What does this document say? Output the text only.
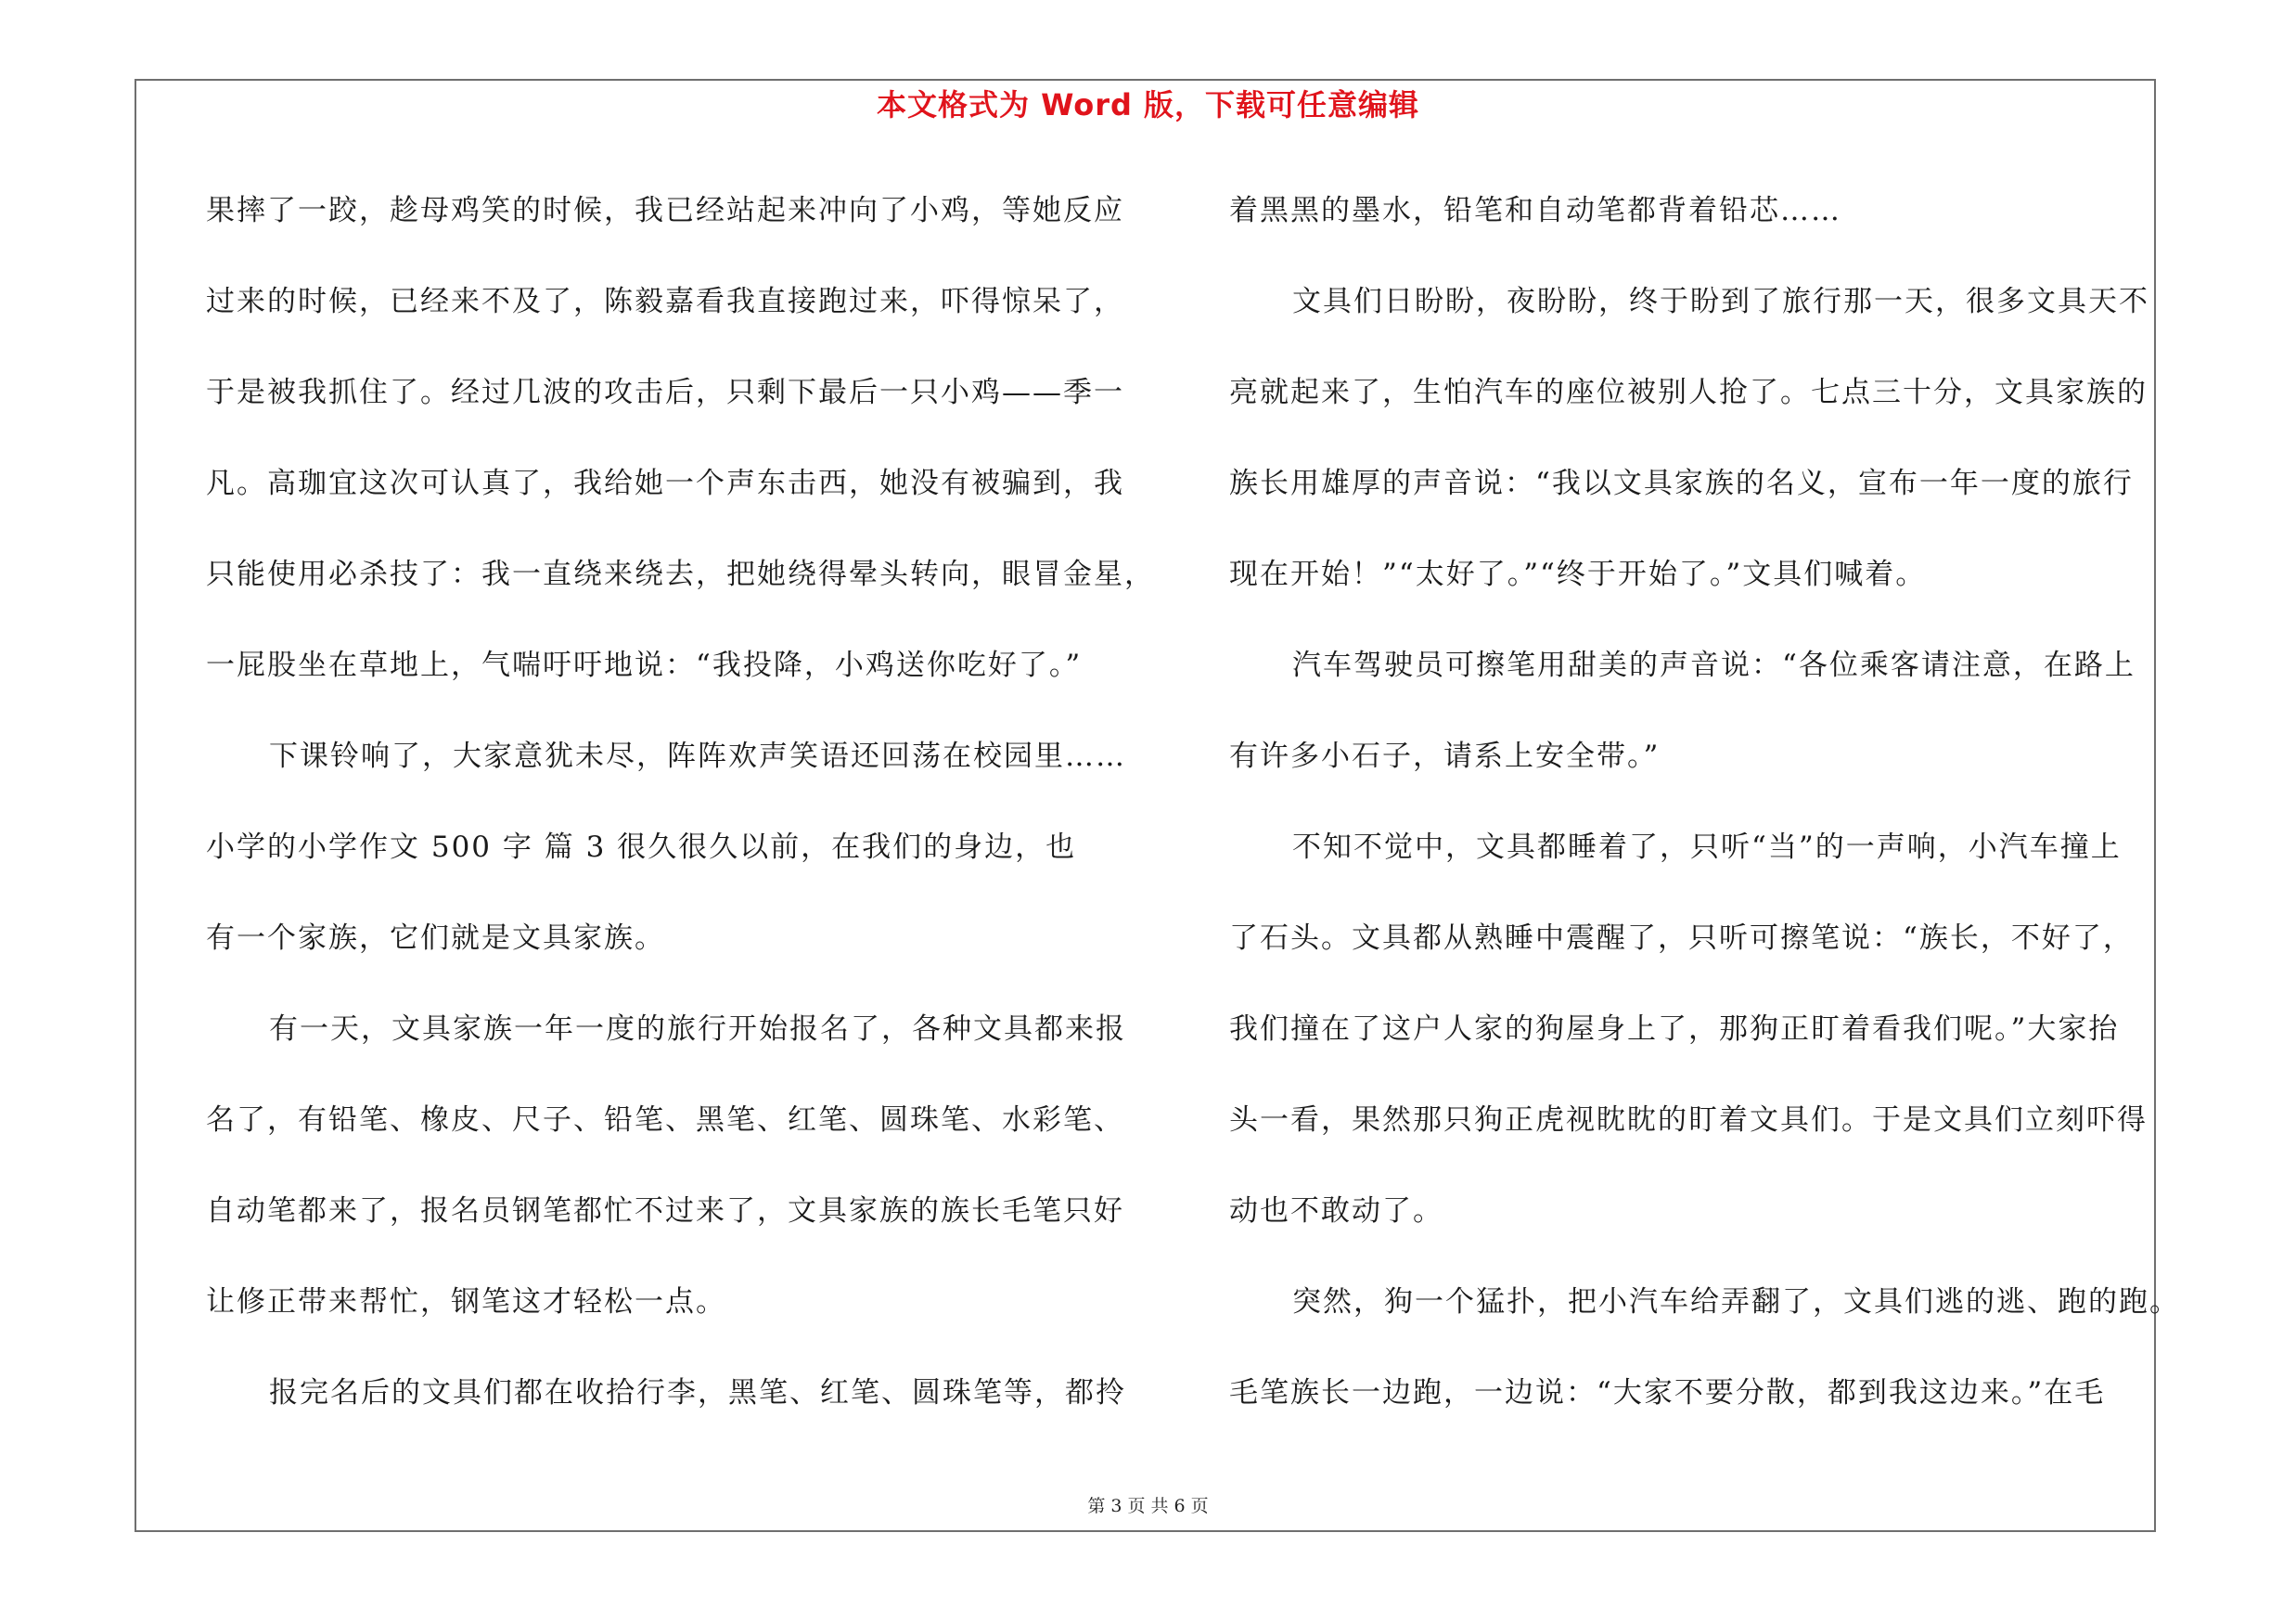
本文格式为 Word 版，下载可任意编辑
果摔了一跤，趁母鸡笑的时候，我已经站起来冲向了小鸡，等她反应
过来的时候，已经来不及了，陈毅嘉看我直接跑过来，吓得惊呆了，
于是被我抓住了。经过几波的攻击后，只剩下最后一只小鸡——季一
凡。高珈宜这次可认真了，我给她一个声东击西，她没有被骗到，我
只能使用必杀技了：我一直绕来绕去，把她绕得晕头转向，眼冒金星，
一屁股坐在草地上，气喘吁吁地说：“我投降，小鸡送你吃好了。”
下课铃响了，大家意犹未尽，阵阵欢声笑语还回荡在校园里……
小学的小学作文 500 字 篇 3 很久很久以前，在我们的身边，也
有一个家族，它们就是文具家族。
有一天，文具家族一年一度的旅行开始报名了，各种文具都来报
名了，有铅笔、橡皮、尺子、铅笔、黑笔、红笔、圆珠笔、水彩笔、
自动笔都来了，报名员钢笔都忙不过来了，文具家族的族长毛笔只好
让修正带来帮忙，钢笔这才轻松一点。
报完名后的文具们都在收拾行李，黑笔、红笔、圆珠笔等，都拎
着黑黑的墨水，铅笔和自动笔都背着铅芯……
文具们日盼盼，夜盼盼，终于盼到了旅行那一天，很多文具天不
亮就起来了，生怕汽车的座位被别人抢了。七点三十分，文具家族的
族长用雄厚的声音说：“我以文具家族的名义，宣布一年一度的旅行
现在开始！”“太好了。”“终于开始了。”文具们喊着。
汽车驾驶员可擦笔用甜美的声音说：“各位乘客请注意，在路上
有许多小石子，请系上安全带。”
不知不觉中，文具都睡着了，只听“当”的一声响，小汽车撞上
了石头。文具都从熟睡中震醒了，只听可擦笔说：“族长，不好了，
我们撞在了这户人家的狗屋身上了，那狗正盯着看我们呢。”大家抬
头一看，果然那只狗正虎视眈眈的盯着文具们。于是文具们立刻吓得
动也不敢动了。
突然，狗一个猛扑，把小汽车给弄翻了，文具们逃的逃、跑的跑。
毛笔族长一边跑，一边说：“大家不要分散，都到我这边来。”在毛
第 3 页 共 6 页
